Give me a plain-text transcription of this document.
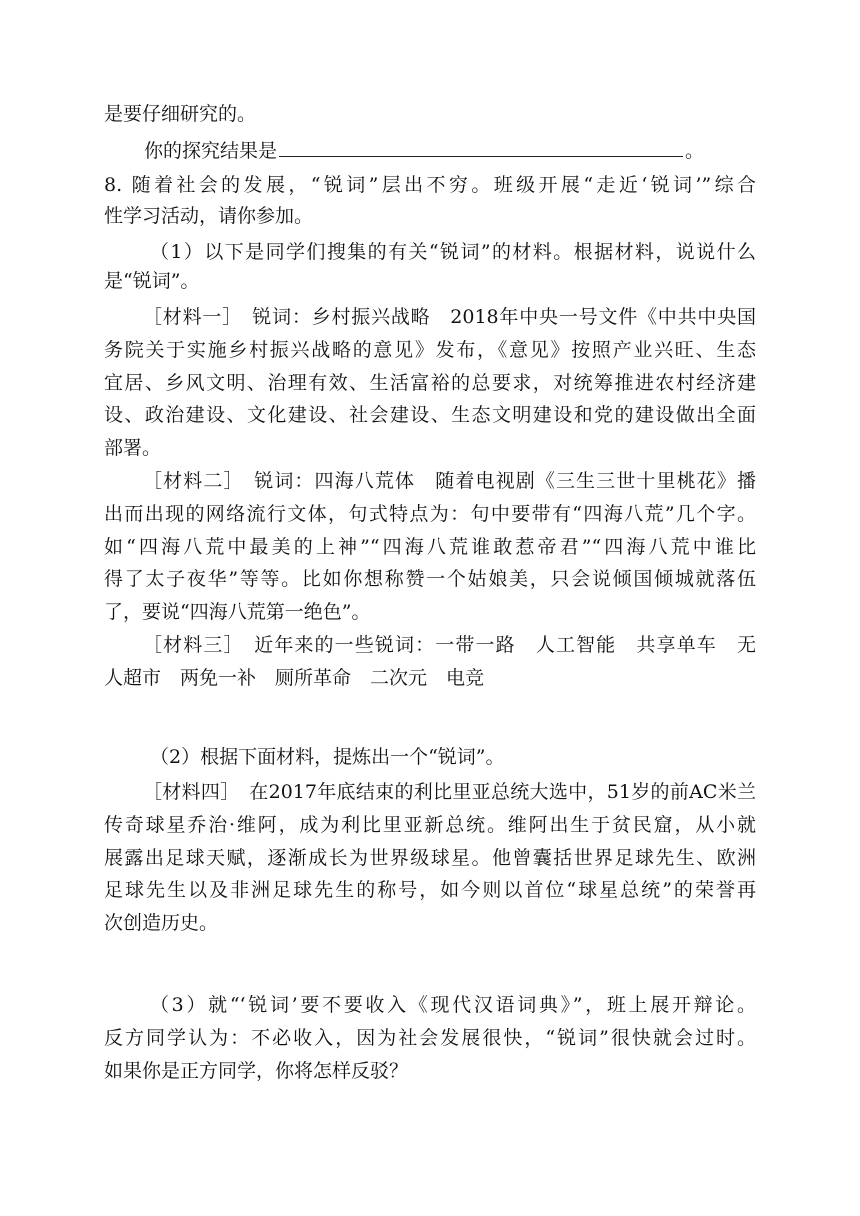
是要仔细研究的。
你的探究结果是	。
8. 随着社会的发展，“锐词”层出不穷。班级开展“走近‘锐词’”综合
性学习活动，请你参加。
（1）以下是同学们搜集的有关“锐词”的材料。根据材料，说说什么
是“锐词”。
［材料一］　锐词：乡村振兴战略　2018年中央一号文件《中共中央国
务院关于实施乡村振兴战略的意见》发布，《意见》按照产业兴旺、生态
宜居、乡风文明、治理有效、生活富裕的总要求，对统筹推进农村经济建
设、政治建设、文化建设、社会建设、生态文明建设和党的建设做出全面
部署。
［材料二］　锐词：四海八荒体　随着电视剧《三生三世十里桃花》播
出而出现的网络流行文体，句式特点为：句中要带有“四海八荒”几个字。
如“四海八荒中最美的上神”“四海八荒谁敢惹帝君”“四海八荒中谁比
得了太子夜华”等等。比如你想称赞一个姑娘美，只会说倾国倾城就落伍
了，要说“四海八荒第一绝色”。
［材料三］　近年来的一些锐词：一带一路　人工智能　共享单车　无
人超市　两免一补　厕所革命　二次元　电竞
（2）根据下面材料，提炼出一个“锐词”。
［材料四］　在2017年底结束的利比里亚总统大选中，51岁的前AC米兰
传奇球星乔治·维阿，成为利比里亚新总统。维阿出生于贫民窟，从小就
展露出足球天赋，逐渐成长为世界级球星。他曾囊括世界足球先生、欧洲
足球先生以及非洲足球先生的称号，如今则以首位“球星总统”的荣誉再
次创造历史。
（3）就“‘锐词’要不要收入《现代汉语词典》”，班上展开辩论。
反方同学认为：不必收入，因为社会发展很快，“锐词”很快就会过时。
如果你是正方同学，你将怎样反驳？
